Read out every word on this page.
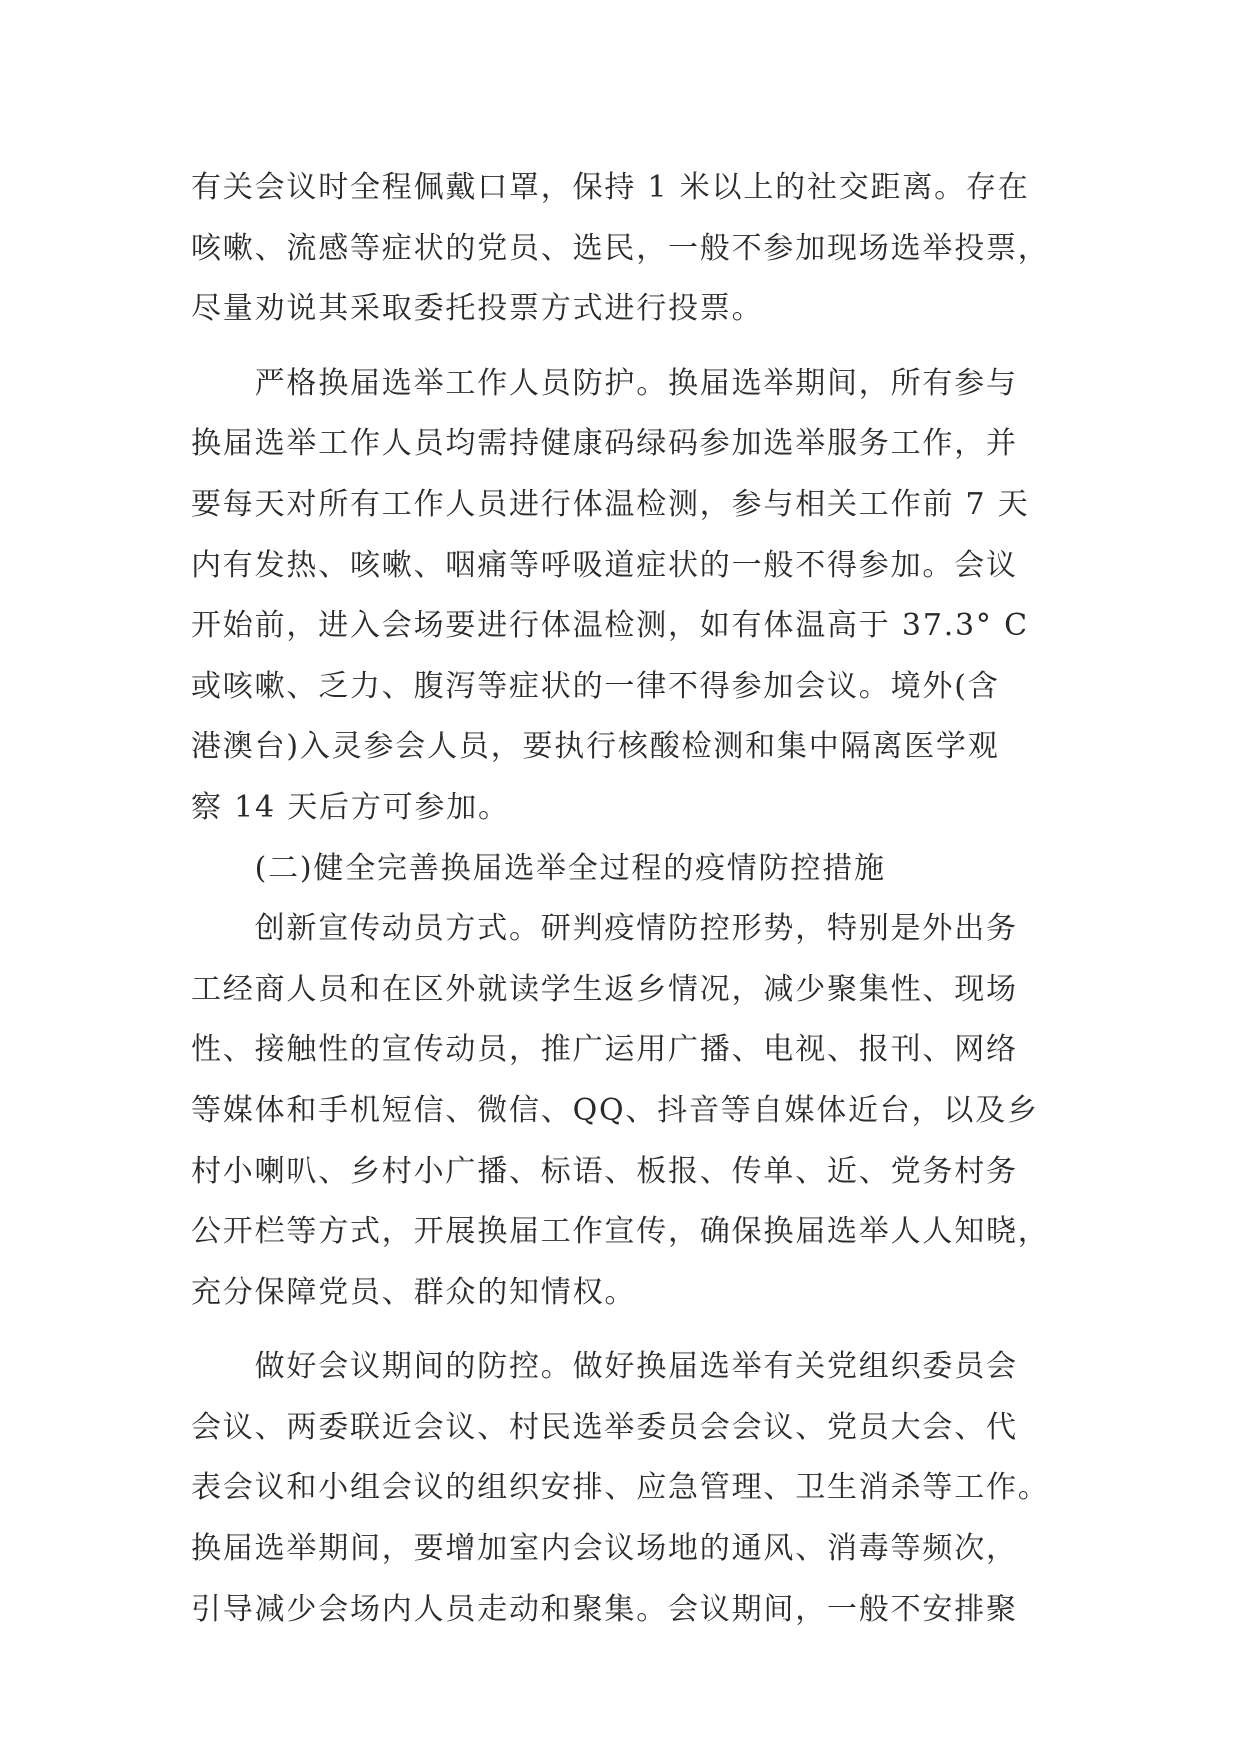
有关会议时全程佩戴口罩，保持 1 米以上的社交距离。存在
咳嗽、流感等症状的党员、选民，一般不参加现场选举投票，
尽量劝说其采取委托投票方式进行投票。
　　严格换届选举工作人员防护。换届选举期间，所有参与
换届选举工作人员均需持健康码绿码参加选举服务工作，并
要每天对所有工作人员进行体温检测，参与相关工作前 7 天
内有发热、咳嗽、咽痛等呼吸道症状的一般不得参加。会议
开始前，进入会场要进行体温检测，如有体温高于 37.3° C
或咳嗽、乏力、腹泻等症状的一律不得参加会议。境外(含
港澳台)入灵参会人员，要执行核酸检测和集中隔离医学观
察 14 天后方可参加。
　　(二)健全完善换届选举全过程的疫情防控措施
　　创新宣传动员方式。研判疫情防控形势，特别是外出务
工经商人员和在区外就读学生返乡情况，减少聚集性、现场
性、接触性的宣传动员，推广运用广播、电视、报刊、网络
等媒体和手机短信、微信、QQ、抖音等自媒体近台，以及乡
村小喇叭、乡村小广播、标语、板报、传单、近、党务村务
公开栏等方式，开展换届工作宣传，确保换届选举人人知晓，
充分保障党员、群众的知情权。
　　做好会议期间的防控。做好换届选举有关党组织委员会
会议、两委联近会议、村民选举委员会会议、党员大会、代
表会议和小组会议的组织安排、应急管理、卫生消杀等工作。
换届选举期间，要增加室内会议场地的通风、消毒等频次，
引导减少会场内人员走动和聚集。会议期间，一般不安排聚
